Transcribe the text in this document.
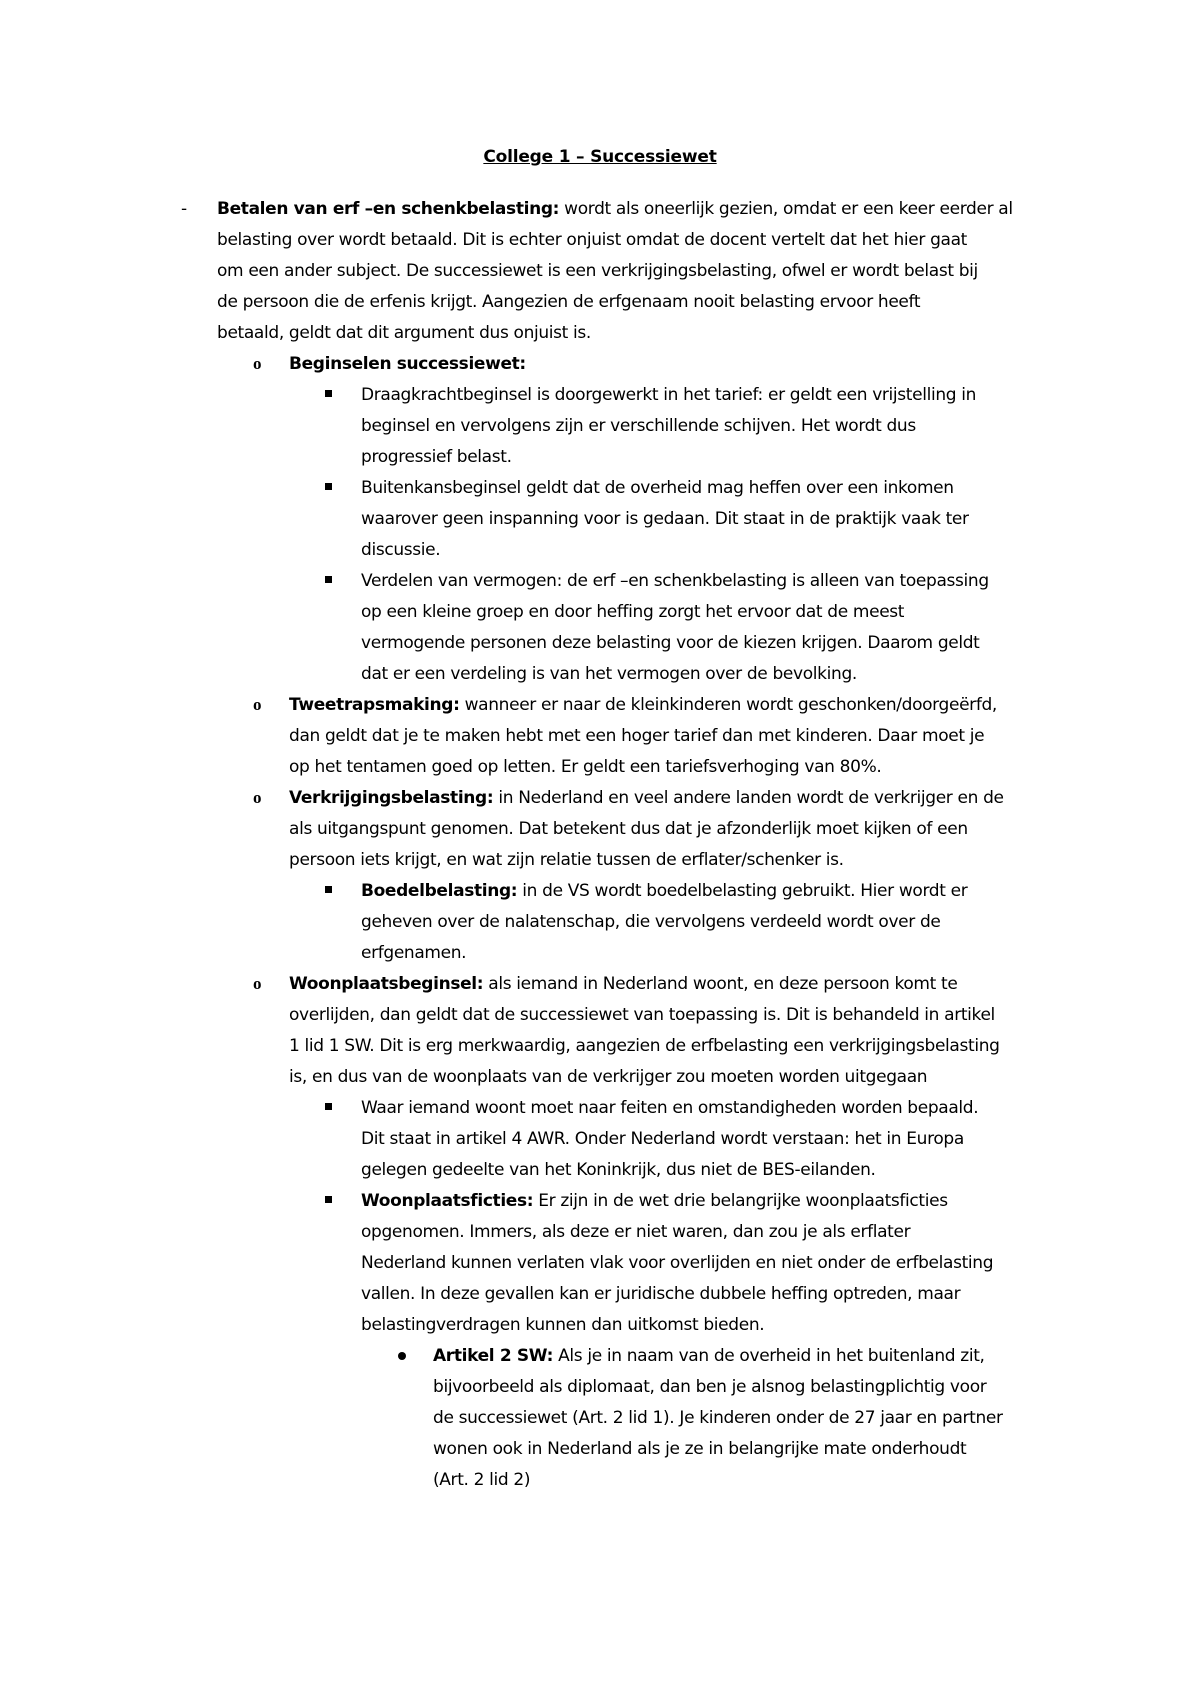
College 1 – Successiewet
- Betalen van erf –en schenkbelasting: wordt als oneerlijk gezien, omdat er een keer eerder al
belasting over wordt betaald. Dit is echter onjuist omdat de docent vertelt dat het hier gaat
om een ander subject. De successiewet is een verkrijgingsbelasting, ofwel er wordt belast bij
de persoon die de erfenis krijgt. Aangezien de erfgenaam nooit belasting ervoor heeft
betaald, geldt dat dit argument dus onjuist is.
o Beginselen successiewet:
Draagkrachtbeginsel is doorgewerkt in het tarief: er geldt een vrijstelling in
beginsel en vervolgens zijn er verschillende schijven. Het wordt dus
progressief belast.
Buitenkansbeginsel geldt dat de overheid mag heffen over een inkomen
waarover geen inspanning voor is gedaan. Dit staat in de praktijk vaak ter
discussie.
Verdelen van vermogen: de erf –en schenkbelasting is alleen van toepassing
op een kleine groep en door heffing zorgt het ervoor dat de meest
vermogende personen deze belasting voor de kiezen krijgen. Daarom geldt
dat er een verdeling is van het vermogen over de bevolking.
o Tweetrapsmaking: wanneer er naar de kleinkinderen wordt geschonken/doorgeërfd,
dan geldt dat je te maken hebt met een hoger tarief dan met kinderen. Daar moet je
op het tentamen goed op letten. Er geldt een tariefsverhoging van 80%.
o Verkrijgingsbelasting: in Nederland en veel andere landen wordt de verkrijger en de
als uitgangspunt genomen. Dat betekent dus dat je afzonderlijk moet kijken of een
persoon iets krijgt, en wat zijn relatie tussen de erflater/schenker is.
Boedelbelasting: in de VS wordt boedelbelasting gebruikt. Hier wordt er
geheven over de nalatenschap, die vervolgens verdeeld wordt over de
erfgenamen.
o Woonplaatsbeginsel: als iemand in Nederland woont, en deze persoon komt te
overlijden, dan geldt dat de successiewet van toepassing is. Dit is behandeld in artikel
1 lid 1 SW. Dit is erg merkwaardig, aangezien de erfbelasting een verkrijgingsbelasting
is, en dus van de woonplaats van de verkrijger zou moeten worden uitgegaan
Waar iemand woont moet naar feiten en omstandigheden worden bepaald.
Dit staat in artikel 4 AWR. Onder Nederland wordt verstaan: het in Europa
gelegen gedeelte van het Koninkrijk, dus niet de BES-eilanden.
Woonplaatsficties: Er zijn in de wet drie belangrijke woonplaatsficties
opgenomen. Immers, als deze er niet waren, dan zou je als erflater
Nederland kunnen verlaten vlak voor overlijden en niet onder de erfbelasting
vallen. In deze gevallen kan er juridische dubbele heffing optreden, maar
belastingverdragen kunnen dan uitkomst bieden.
Artikel 2 SW: Als je in naam van de overheid in het buitenland zit,
bijvoorbeeld als diplomaat, dan ben je alsnog belastingplichtig voor
de successiewet (Art. 2 lid 1). Je kinderen onder de 27 jaar en partner
wonen ook in Nederland als je ze in belangrijke mate onderhoudt
(Art. 2 lid 2)
